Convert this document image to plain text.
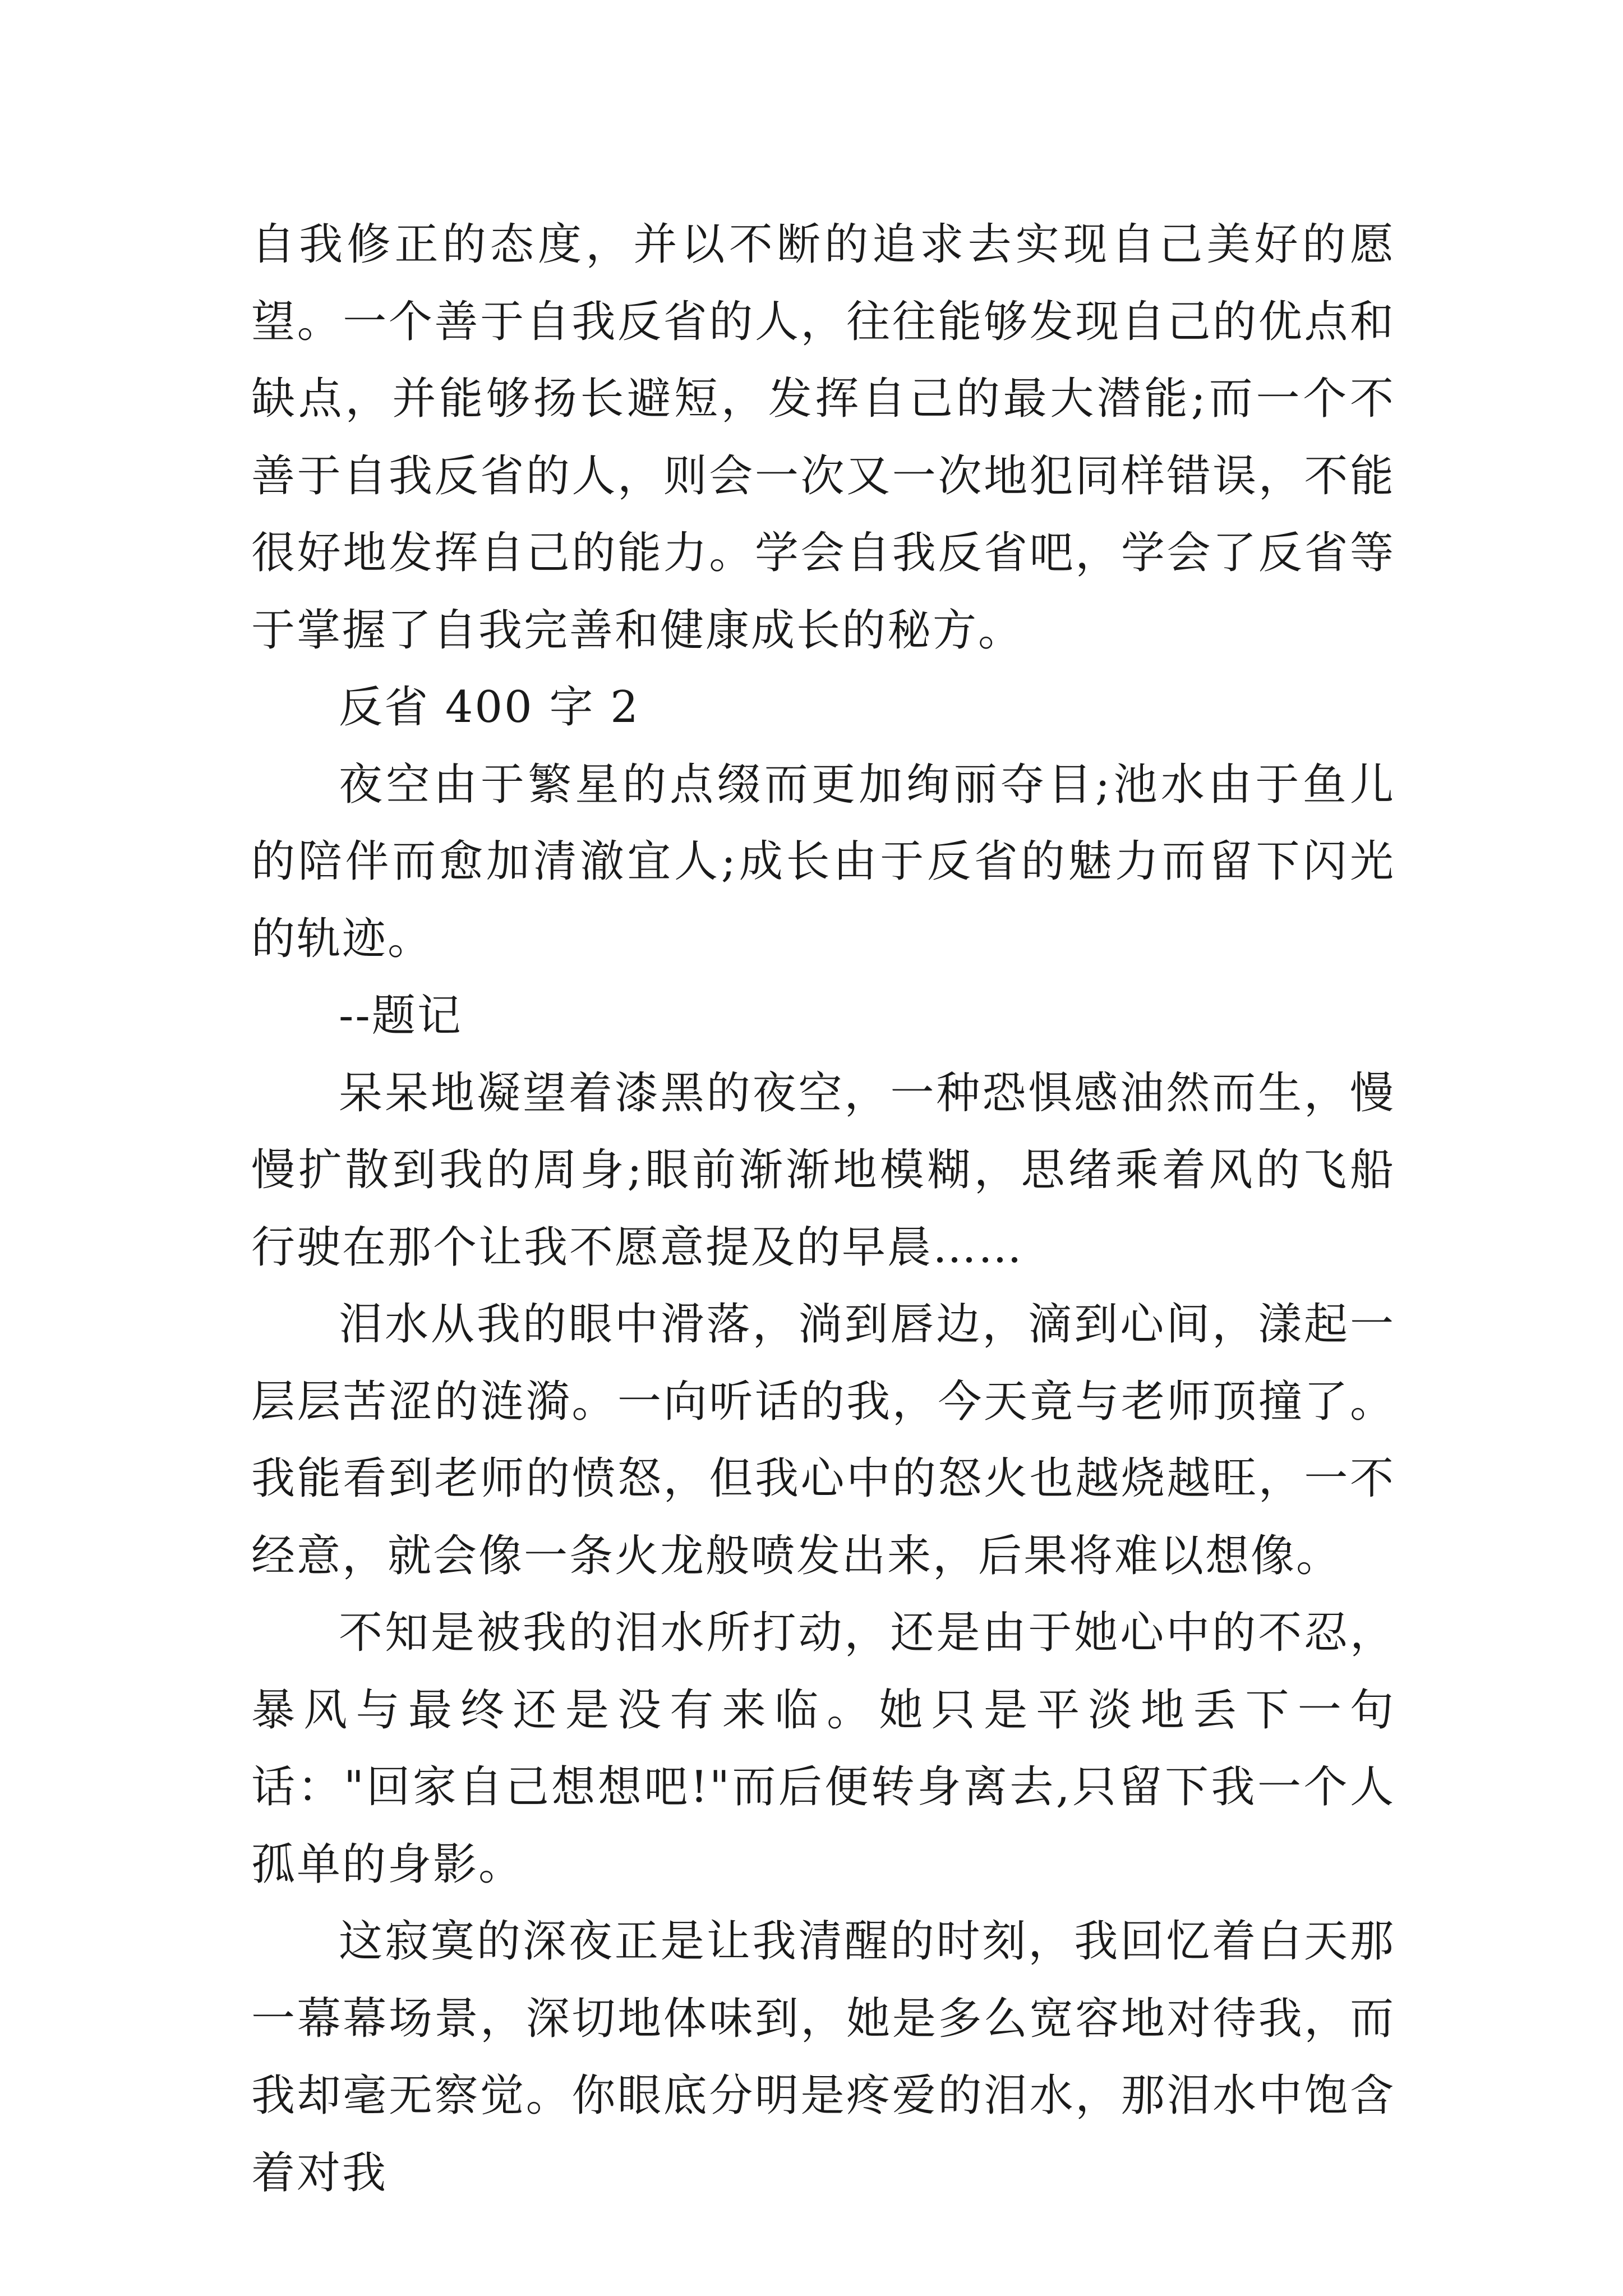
自我修正的态度，并以不断的追求去实现自己美好的愿望。一个善于自我反省的人，往往能够发现自己的优点和缺点，并能够扬长避短，发挥自己的最大潜能;而一个不善于自我反省的人，则会一次又一次地犯同样错误，不能很好地发挥自己的能力。学会自我反省吧，学会了反省等于掌握了自我完善和健康成长的秘方。

反省 400 字 2

夜空由于繁星的点缀而更加绚丽夺目;池水由于鱼儿的陪伴而愈加清澈宜人;成长由于反省的魅力而留下闪光的轨迹。

--题记

呆呆地凝望着漆黑的夜空，一种恐惧感油然而生，慢慢扩散到我的周身;眼前渐渐地模糊，思绪乘着风的飞船行驶在那个让我不愿意提及的早晨……

泪水从我的眼中滑落，淌到唇边，滴到心间，漾起一层层苦涩的涟漪。一向听话的我，今天竟与老师顶撞了。我能看到老师的愤怒，但我心中的怒火也越烧越旺，一不经意，就会像一条火龙般喷发出来，后果将难以想像。

不知是被我的泪水所打动，还是由于她心中的不忍，暴风与最终还是没有来临。她只是平淡地丢下一句话："回家自己想想吧!"而后便转身离去,只留下我一个人孤单的身影。

这寂寞的深夜正是让我清醒的时刻，我回忆着白天那一幕幕场景，深切地体味到，她是多么宽容地对待我，而我却毫无察觉。你眼底分明是疼爱的泪水，那泪水中饱含着对我
